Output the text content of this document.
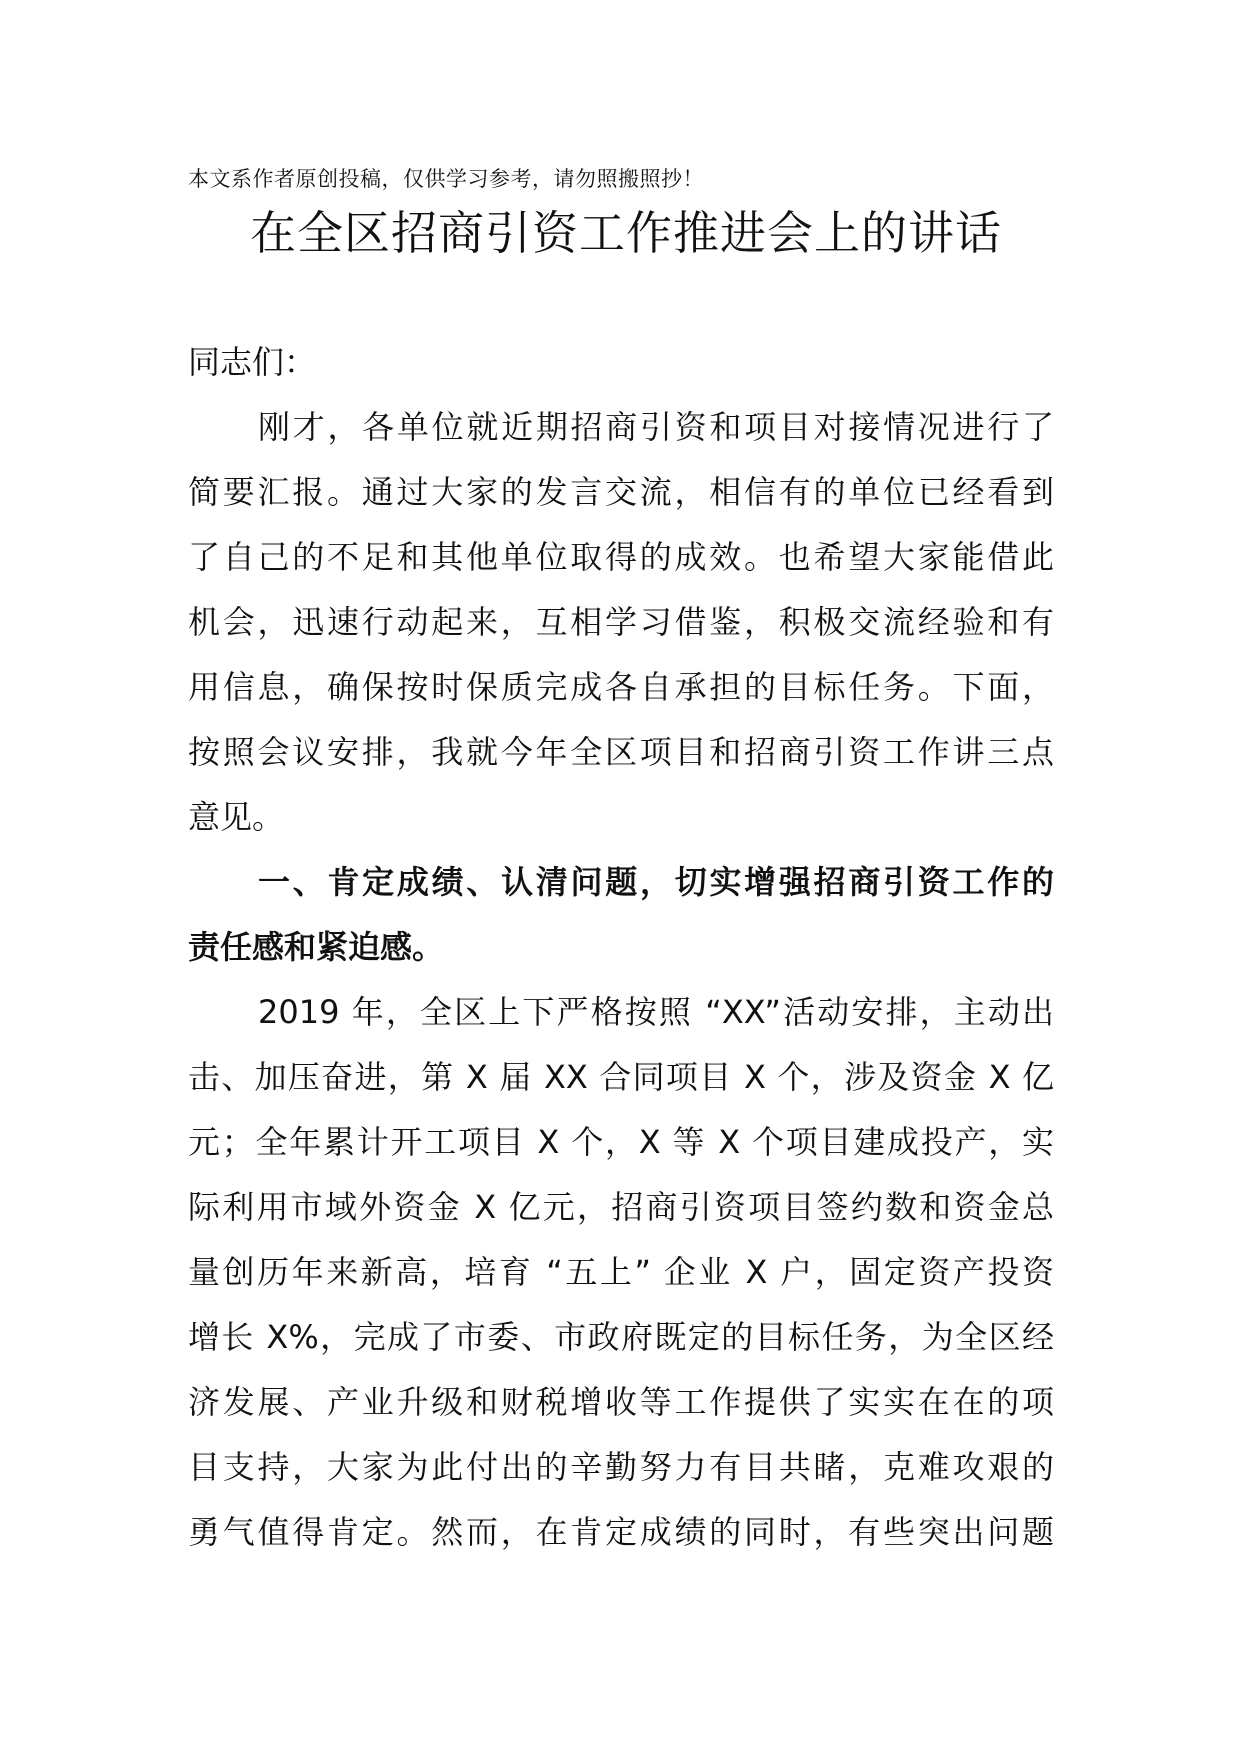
本文系作者原创投稿，仅供学习参考，请勿照搬照抄！
在全区招商引资工作推进会上的讲话
同志们：
刚才，各单位就近期招商引资和项目对接情况进行了
简要汇报。通过大家的发言交流，相信有的单位已经看到
了自己的不足和其他单位取得的成效。也希望大家能借此
机会，迅速行动起来，互相学习借鉴，积极交流经验和有
用信息，确保按时保质完成各自承担的目标任务。下面，
按照会议安排，我就今年全区项目和招商引资工作讲三点
意见。
一、肯定成绩、认清问题，切实增强招商引资工作的
责任感和紧迫感。
2019 年，全区上下严格按照 “XX”活动安排，主动出
击、加压奋进，第 X 届 XX 合同项目 X 个，涉及资金 X 亿
元；全年累计开工项目 X 个，X 等 X 个项目建成投产，实
际利用市域外资金 X 亿元，招商引资项目签约数和资金总
量创历年来新高，培育 “五上” 企业 X 户，固定资产投资
增长 X%，完成了市委、市政府既定的目标任务，为全区经
济发展、产业升级和财税增收等工作提供了实实在在的项
目支持，大家为此付出的辛勤努力有目共睹，克难攻艰的
勇气值得肯定。然而，在肯定成绩的同时，有些突出问题
